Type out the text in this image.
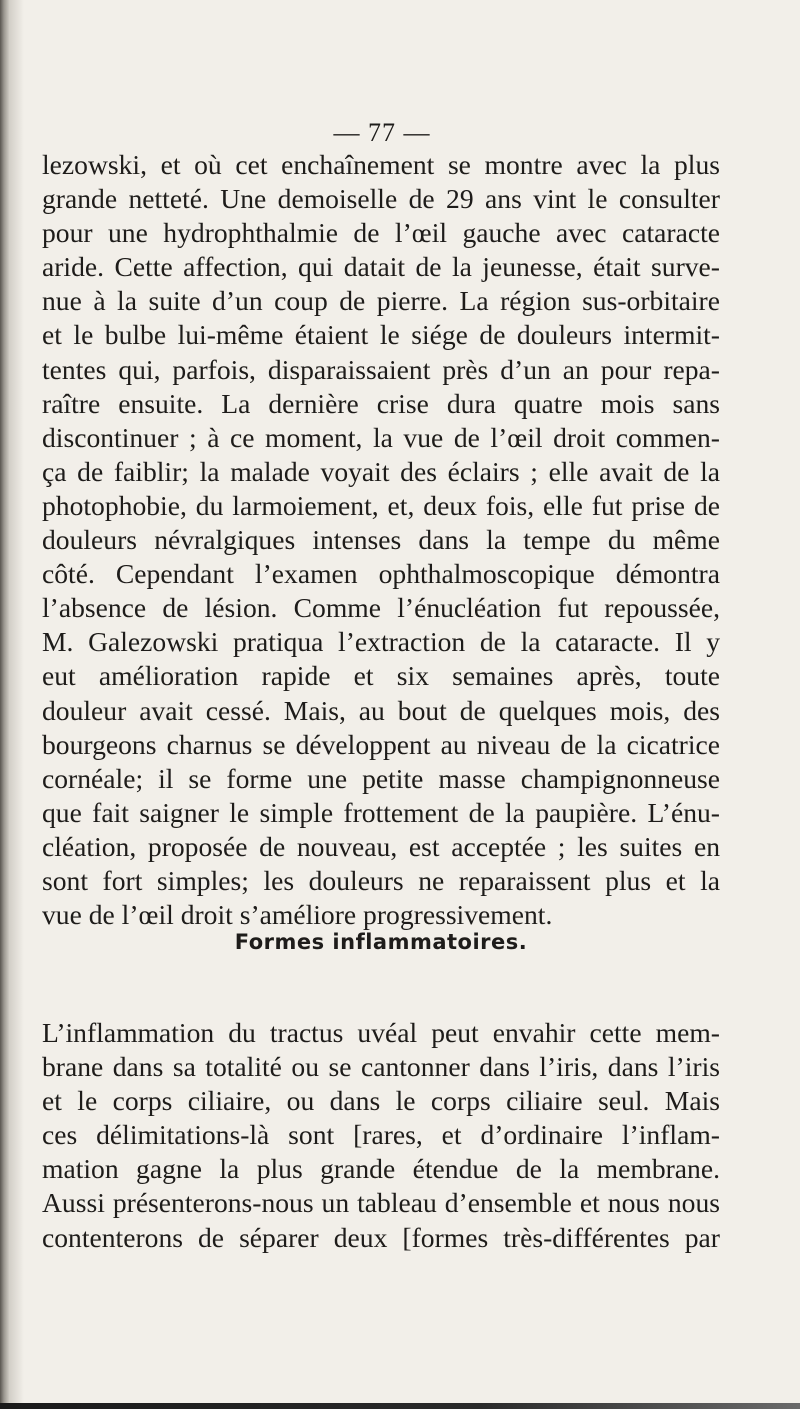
— 77 —
lezowski, et où cet enchaînement se montre avec la plus
grande netteté. Une demoiselle de 29 ans vint le consulter
pour une hydrophthalmie de l’œil gauche avec cataracte
aride. Cette affection, qui datait de la jeunesse, était surve-
nue à la suite d’un coup de pierre. La région sus-orbitaire
et le bulbe lui-même étaient le siége de douleurs intermit-
tentes qui, parfois, disparaissaient près d’un an pour repa-
raître ensuite. La dernière crise dura quatre mois sans
discontinuer ; à ce moment, la vue de l’œil droit commen-
ça de faiblir; la malade voyait des éclairs ; elle avait de la
photophobie, du larmoiement, et, deux fois, elle fut prise de
douleurs névralgiques intenses dans la tempe du même
côté. Cependant l’examen ophthalmoscopique démontra
l’absence de lésion. Comme l’énucléation fut repoussée,
M. Galezowski pratiqua l’extraction de la cataracte. Il y
eut amélioration rapide et six semaines après, toute
douleur avait cessé. Mais, au bout de quelques mois, des
bourgeons charnus se développent au niveau de la cicatrice
cornéale; il se forme une petite masse champignonneuse
que fait saigner le simple frottement de la paupière. L’énu-
cléation, proposée de nouveau, est acceptée ; les suites en
sont fort simples; les douleurs ne reparaissent plus et la
vue de l’œil droit s’améliore progressivement.
Formes inflammatoires.
L’inflammation du tractus uvéal peut envahir cette mem-
brane dans sa totalité ou se cantonner dans l’iris, dans l’iris
et le corps ciliaire, ou dans le corps ciliaire seul. Mais
ces délimitations-là sont [rares, et d’ordinaire l’inflam-
mation gagne la plus grande étendue de la membrane.
Aussi présenterons-nous un tableau d’ensemble et nous nous
contenterons de séparer deux [formes très-différentes par
